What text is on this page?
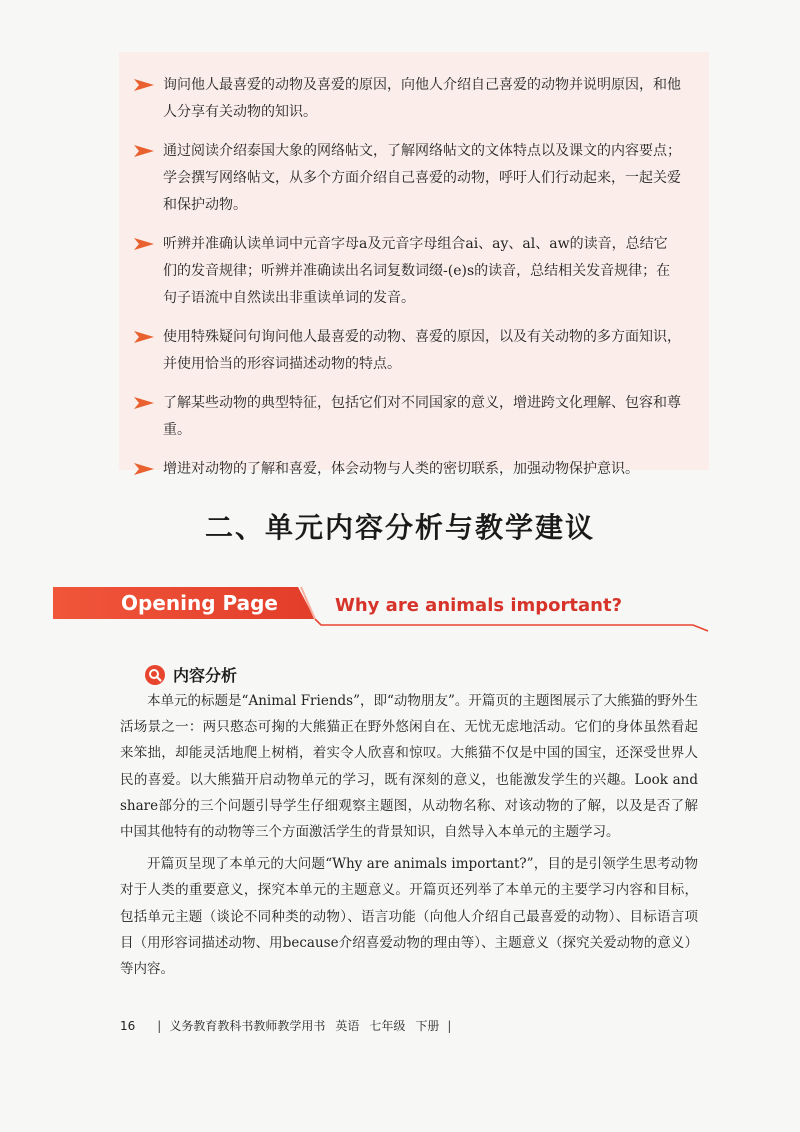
询问他人最喜爱的动物及喜爱的原因，向他人介绍自己喜爱的动物并说明原因，和他人分享有关动物的知识。
通过阅读介绍泰国大象的网络帖文，了解网络帖文的文体特点以及课文的内容要点；学会撰写网络帖文，从多个方面介绍自己喜爱的动物，呼吁人们行动起来，一起关爱和保护动物。
听辨并准确认读单词中元音字母a及元音字母组合ai、ay、al、aw的读音，总结它们的发音规律；听辨并准确读出名词复数词缀-(e)s的读音，总结相关发音规律；在句子语流中自然读出非重读单词的发音。
使用特殊疑问句询问他人最喜爱的动物、喜爱的原因，以及有关动物的多方面知识，并使用恰当的形容词描述动物的特点。
了解某些动物的典型特征，包括它们对不同国家的意义，增进跨文化理解、包容和尊重。
增进对动物的了解和喜爱，体会动物与人类的密切联系，加强动物保护意识。
二、单元内容分析与教学建议
Opening Page	Why are animals important?
内容分析

本单元的标题是“Animal Friends”，即“动物朋友”。开篇页的主题图展示了大熊猫的野外生活场景之一：两只憨态可掬的大熊猫正在野外悠闲自在、无忧无虑地活动。它们的身体虽然看起来笨拙，却能灵活地爬上树梢，着实令人欣喜和惊叹。大熊猫不仅是中国的国宝，还深受世界人民的喜爱。以大熊猫开启动物单元的学习，既有深刻的意义，也能激发学生的兴趣。Look and share部分的三个问题引导学生仔细观察主题图，从动物名称、对该动物的了解，以及是否了解中国其他特有的动物等三个方面激活学生的背景知识，自然导入本单元的主题学习。

开篇页呈现了本单元的大问题“Why are animals important?”，目的是引领学生思考动物对于人类的重要意义，探究本单元的主题意义。开篇页还列举了本单元的主要学习内容和目标，包括单元主题（谈论不同种类的动物）、语言功能（向他人介绍自己最喜爱的动物）、目标语言项目（用形容词描述动物、用because介绍喜爱动物的理由等）、主题意义（探究关爱动物的意义）等内容。

16 | 义务教育教科书教师教学用书 英语 七年级 下册 |
